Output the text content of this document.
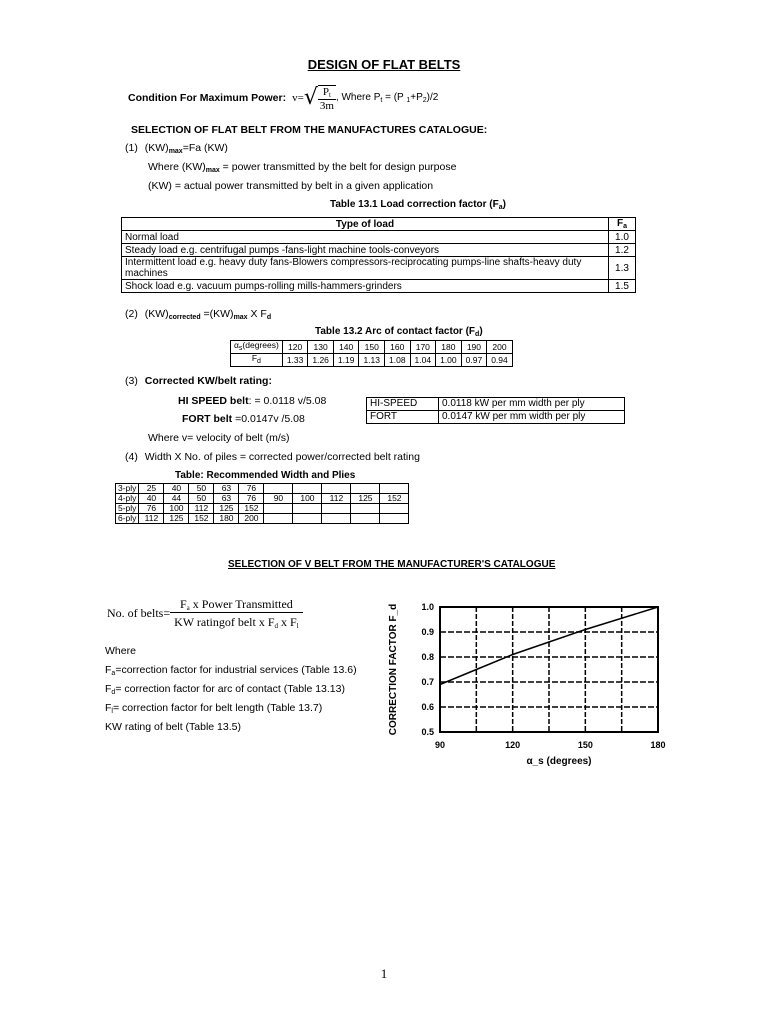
DESIGN OF FLAT BELTS
Condition For Maximum Power: v = √ $\frac{P_t}{3m}$ , Where $P_t = (P$ $_1+P_2)/2$
SELECTION OF FLAT BELT FROM THE MANUFACTURES CATALOGUE:
(1) $(KW)_{max}=Fa$ (KW)
Where $(KW)_{max}$ = power transmitted by the belt for design purpose
(KW) = actual power transmitted by belt in a given application
Table 13.1 Load correction factor $(F_a)$
Type of load	$F_a$
Normal load	1.0
Steady load e.g. centrifugal pumps -fans-light machine tools-conveyors	1.2
Intermittent load e.g. heavy duty fans-Blowers compressors-reciprocating pumps-line shafts-heavy duty machines	1.3
Shock load e.g. vacuum pumps-rolling mills-hammers-grinders	1.5
(2) $(KW)_{corrected} =(KW)_{max}$ X $F_d$
Table 13.2 Arc of contact factor $(F_d)$
$\alpha_s(degrees)$	120	130	140	150	160	170	180	190	200
$F_d$	1.33	1.26	1.19	1.13	1.08	1.04	1.00	0.97	0.94
(3) Corrected KW/belt rating:
HI SPEED belt: = 0.0118 v/5.08
FORT belt =0.0147v /5.08
HI-SPEED	0.0118 kW per mm width per ply
FORT	0.0147 kW per mm width per ply
Where v= velocity of belt (m/s)
(4) Width X No. of piles = corrected power/corrected belt rating
Table: Recommended Width and Plies
3-ply	25	40	50	63	76					
4-ply	40	44	50	63	76	90	100	112	125	152
5-ply	76	100	112	125	152					
6-ply	112	125	152	180	200					
SELECTION OF V BELT FROM THE MANUFACTURER'S CATALOGUE
No. of belts= $\frac{F_a x Power Transmitted}{KW ratingof belt x F_d x F_l}$
Where
$F_a=correction$ factor for industrial services (Table 13.6)
$F_d=$ correction factor for arc of contact (Table 13.13)
$F_l=$ correction factor for belt length (Table 13.7)
KW rating of belt (Table 13.5)
90	120	150	180
1.0
0.9
0.8
0.7
0.6
0.5
CORRECTION FACTOR F_d
α_s (degrees)
1
